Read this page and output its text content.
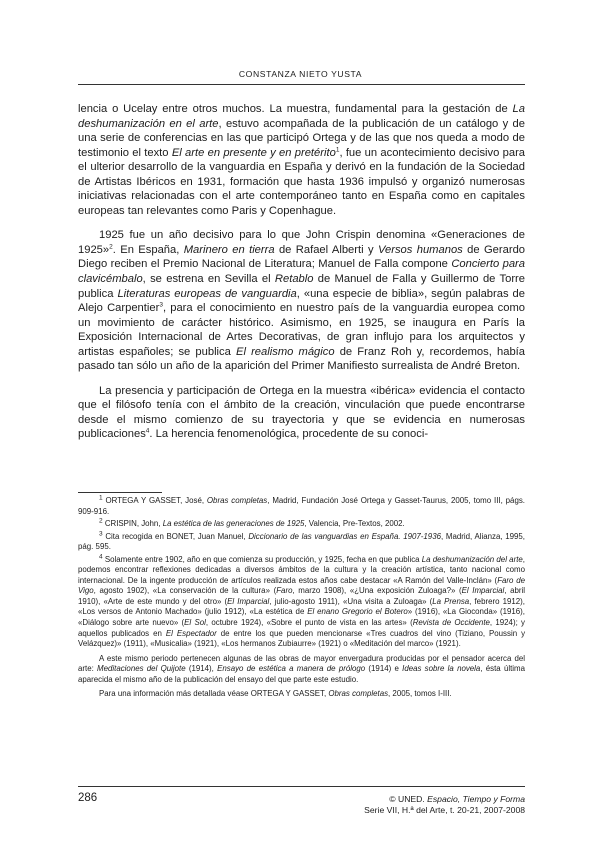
CONSTANZA NIETO YUSTA

lencia o Ucelay entre otros muchos. La muestra, fundamental para la gestación de La deshumanización en el arte, estuvo acompañada de la publicación de un catálogo y de una serie de conferencias en las que participó Ortega y de las que nos queda a modo de testimonio el texto El arte en presente y en pretérito$^1$, fue un acontecimiento decisivo para el ulterior desarrollo de la vanguardia en España y derivó en la fundación de la Sociedad de Artistas Ibéricos en 1931, formación que hasta 1936 impulsó y organizó numerosas iniciativas relacionadas con el arte contemporáneo tanto en España como en capitales europeas tan relevantes como Paris y Copenhague.

1925 fue un año decisivo para lo que John Crispin denomina «Generaciones de 1925»$^2$. En España, Marinero en tierra de Rafael Alberti y Versos humanos de Gerardo Diego reciben el Premio Nacional de Literatura; Manuel de Falla compone Concierto para clavicémbalo, se estrena en Sevilla el Retablo de Manuel de Falla y Guillermo de Torre publica Literaturas europeas de vanguardia, «una especie de biblia», según palabras de Alejo Carpentier$^3$, para el conocimiento en nuestro país de la vanguardia europea como un movimiento de carácter histórico. Asimismo, en 1925, se inaugura en París la Exposición Internacional de Artes Decorativas, de gran influjo para los arquitectos y artistas españoles; se publica El realismo mágico de Franz Roh y, recordemos, había pasado tan sólo un año de la aparición del Primer Manifiesto surrealista de André Breton.

La presencia y participación de Ortega en la muestra «ibérica» evidencia el contacto que el filósofo tenía con el ámbito de la creación, vinculación que puede encontrarse desde el mismo comienzo de su trayectoria y que se evidencia en numerosas publicaciones$^4$. La herencia fenomenológica, procedente de su conoci-

$^1$ ORTEGA Y GASSET, José, Obras completas, Madrid, Fundación José Ortega y Gasset-Taurus, 2005, tomo III, págs. 909-916.

$^2$ CRISPIN, John, La estética de las generaciones de 1925, Valencia, Pre-Textos, 2002.

$^3$ Cita recogida en BONET, Juan Manuel, Diccionario de las vanguardias en España. 1907-1936, Madrid, Alianza, 1995, pág. 595.

$^4$ Solamente entre 1902, año en que comienza su producción, y 1925, fecha en que publica La deshumanización del arte, podemos encontrar reflexiones dedicadas a diversos ámbitos de la cultura y la creación artística, tanto nacional como internacional. De la ingente producción de artículos realizada estos años cabe destacar «A Ramón del Valle-Inclán» (Faro de Vigo, agosto 1902), «La conservación de la cultura» (Faro, marzo 1908), «¿Una exposición Zuloaga?» (El Imparcial, abril 1910), «Arte de este mundo y del otro» (El Imparcial, julio-agosto 1911), «Una visita a Zuloaga» (La Prensa, febrero 1912), «Los versos de Antonio Machado» (julio 1912), «La estética de El enano Gregorio el Botero» (1916), «La Gioconda» (1916), «Diálogo sobre arte nuevo» (El Sol, octubre 1924), «Sobre el punto de vista en las artes» (Revista de Occidente, 1924); y aquellos publicados en El Espectador de entre los que pueden mencionarse «Tres cuadros del vino (Tiziano, Poussin y Velázquez)» (1911), «Musicalia» (1921), «Los hermanos Zubiaurre» (1921) o «Meditación del marco» (1921).

A este mismo periodo pertenecen algunas de las obras de mayor envergadura producidas por el pensador acerca del arte: Meditaciones del Quijote (1914), Ensayo de estética a manera de prólogo (1914) e Ideas sobre la novela, ésta última aparecida el mismo año de la publicación del ensayo del que parte este estudio.

Para una información más detallada véase ORTEGA Y GASSET, Obras completas, 2005, tomos I-III.

286	© UNED. Espacio, Tiempo y Forma
Serie VII, H.ª del Arte, t. 20-21, 2007-2008
